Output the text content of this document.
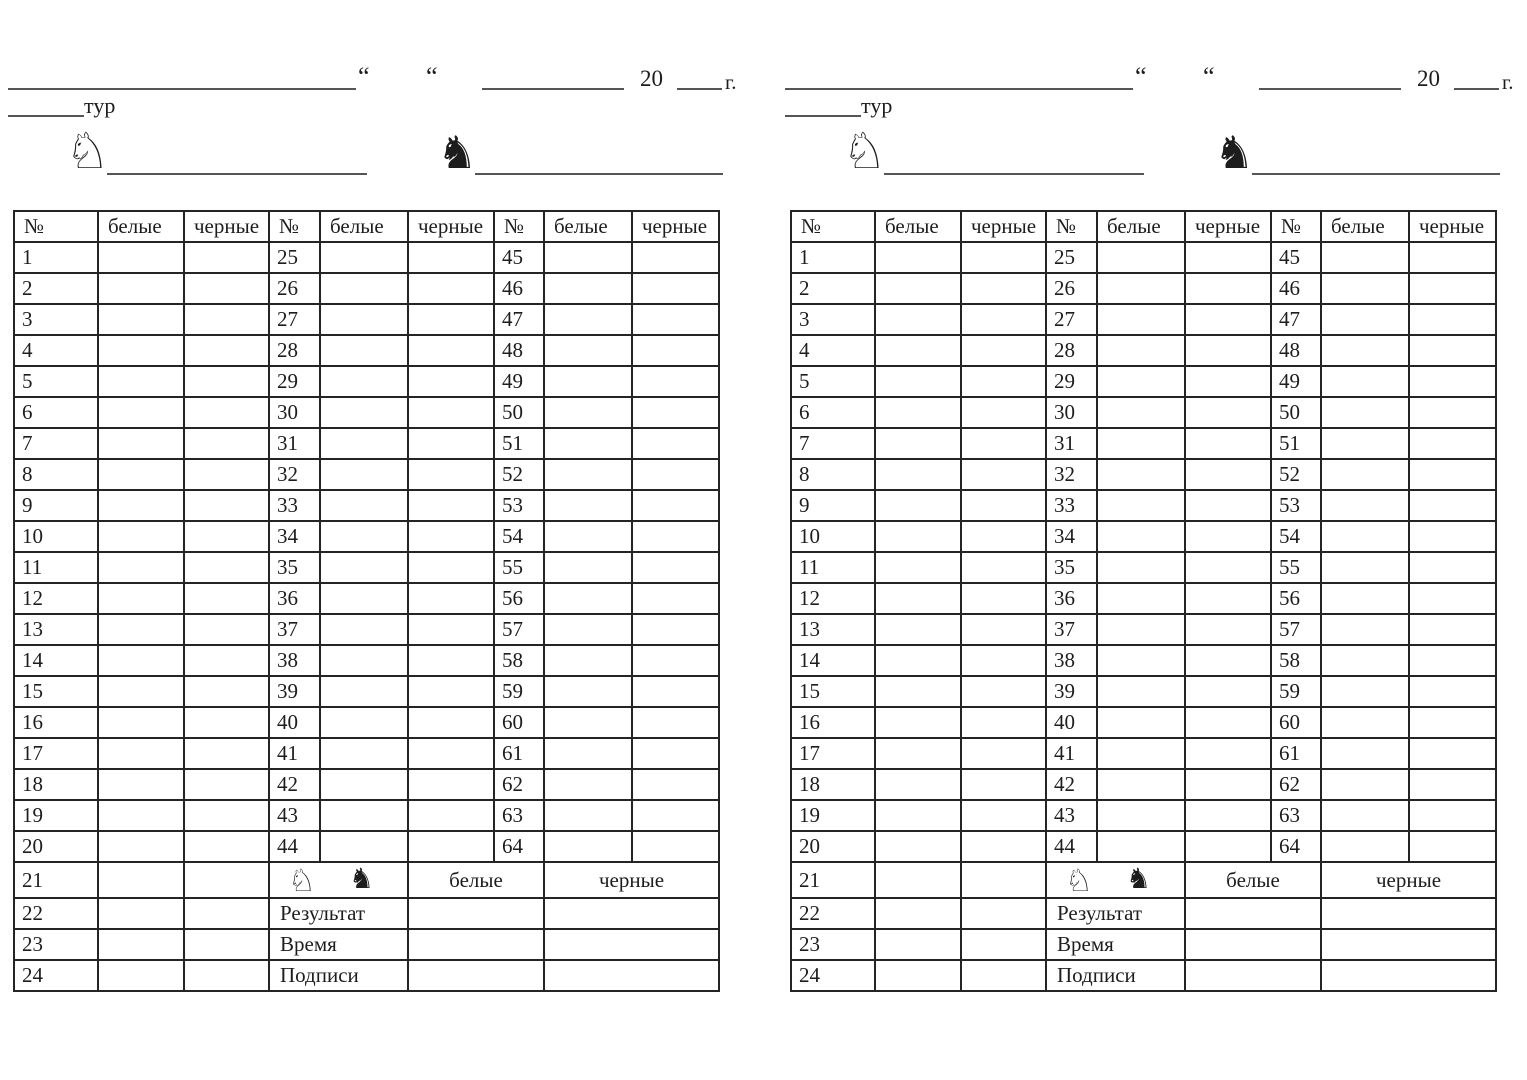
“ “	20	г.
тур
♘	♞
№	белые	черные	№	белые	черные	№	белые	черные
1			25			45		
2			26			46		
3			27			47		
4			28			48		
5			29			49		
6			30			50		
7			31			51		
8			32			52		
9			33			53		
10			34			54		
11			35			55		
12			36			56		
13			37			57		
14			38			58		
15			39			59		
16			40			60		
17			41			61		
18			42			62		
19			43			63		
20			44			64		
21			♘ ♞		белые		черные	
22			Результат					
23			Время					
24			Подписи					
“ “	20	г.
тур
♘	♞
№	белые	черные	№	белые	черные	№	белые	черные
1			25			45		
2			26			46		
3			27			47		
4			28			48		
5			29			49		
6			30			50		
7			31			51		
8			32			52		
9			33			53		
10			34			54		
11			35			55		
12			36			56		
13			37			57		
14			38			58		
15			39			59		
16			40			60		
17			41			61		
18			42			62		
19			43			63		
20			44			64		
21			♘ ♞		белые		черные	
22			Результат					
23			Время					
24			Подписи					
